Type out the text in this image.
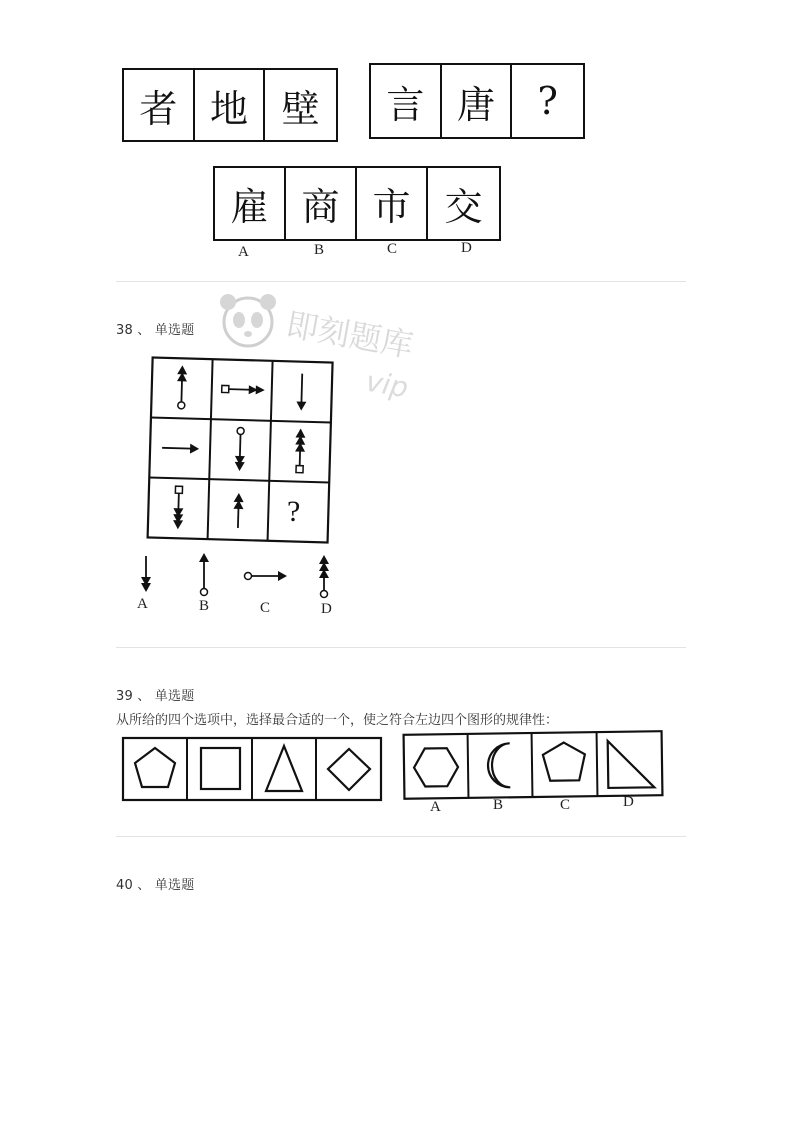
者 地 壁	言 唐	?
雇 商 市 交
A	B	C	D
即刻题库
vip
38 、 单选题
?
A	B	C	D
39 、 单选题
从所给的四个选项中，选择最合适的一个，使之符合左边四个图形的规律性：
A	B	C	D
40 、 单选题
